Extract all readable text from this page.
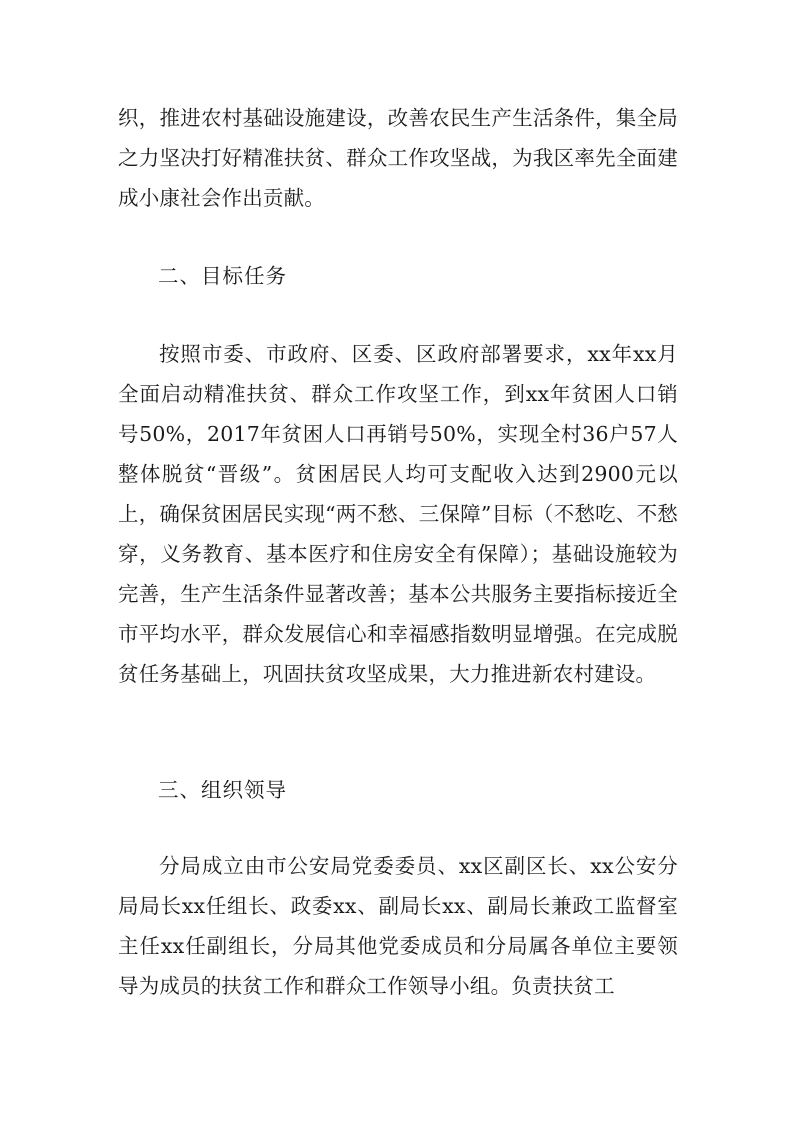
织，推进农村基础设施建设，改善农民生产生活条件，集全局之力坚决打好精准扶贫、群众工作攻坚战，为我区率先全面建成小康社会作出贡献。

二、目标任务

按照市委、市政府、区委、区政府部署要求，xx年xx月全面启动精准扶贫、群众工作攻坚工作，到xx年贫困人口销号50%，2017年贫困人口再销号50%，实现全村36户57人整体脱贫“晋级”。贫困居民人均可支配收入达到2900元以上，确保贫困居民实现“两不愁、三保障”目标（不愁吃、不愁穿，义务教育、基本医疗和住房安全有保障）；基础设施较为完善，生产生活条件显著改善；基本公共服务主要指标接近全市平均水平，群众发展信心和幸福感指数明显增强。在完成脱贫任务基础上，巩固扶贫攻坚成果，大力推进新农村建设。

三、组织领导

分局成立由市公安局党委委员、xx区副区长、xx公安分局局长xx任组长、政委xx、副局长xx、副局长兼政工监督室主任xx任副组长，分局其他党委成员和分局属各单位主要领导为成员的扶贫工作和群众工作领导小组。负责扶贫工
